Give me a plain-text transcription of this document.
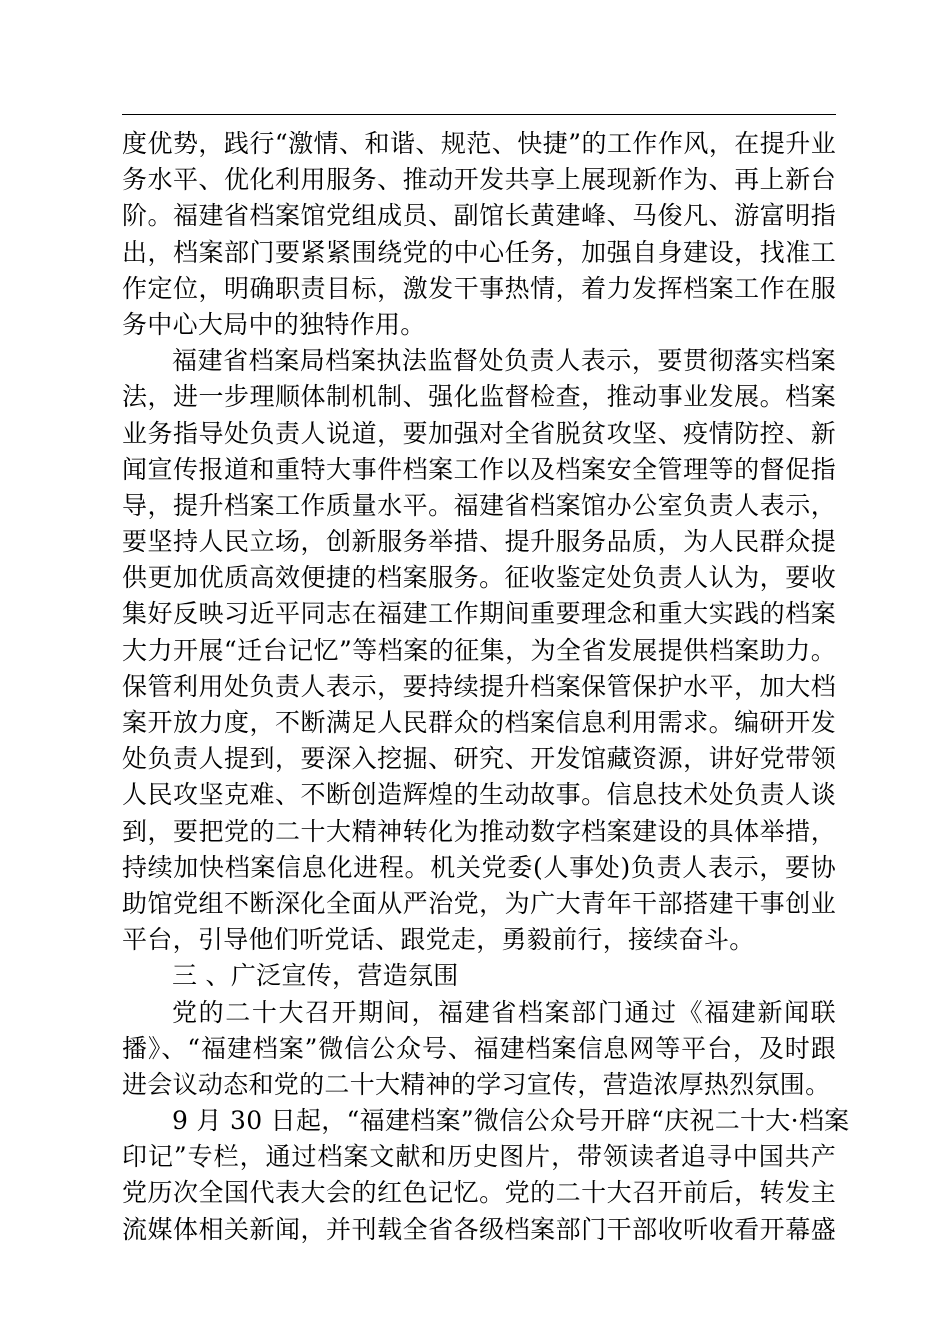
度优势，践行“激情、和谐、规范、快捷”的工作作风，在提升业
务水平、优化利用服务、推动开发共享上展现新作为、再上新台
阶。福建省档案馆党组成员、副馆长黄建峰、马俊凡、游富明指
出，档案部门要紧紧围绕党的中心任务，加强自身建设，找准工
作定位，明确职责目标，激发干事热情，着力发挥档案工作在服
务中心大局中的独特作用。
福建省档案局档案执法监督处负责人表示，要贯彻落实档案
法，进一步理顺体制机制、强化监督检查，推动事业发展。档案
业务指导处负责人说道，要加强对全省脱贫攻坚、疫情防控、新
闻宣传报道和重特大事件档案工作以及档案安全管理等的督促指
导，提升档案工作质量水平。福建省档案馆办公室负责人表示，
要坚持人民立场，创新服务举措、提升服务品质，为人民群众提
供更加优质高效便捷的档案服务。征收鉴定处负责人认为，要收
集好反映习近平同志在福建工作期间重要理念和重大实践的档案
大力开展“迁台记忆”等档案的征集，为全省发展提供档案助力。
保管利用处负责人表示，要持续提升档案保管保护水平，加大档
案开放力度，不断满足人民群众的档案信息利用需求。编研开发
处负责人提到，要深入挖掘、研究、开发馆藏资源，讲好党带领
人民攻坚克难、不断创造辉煌的生动故事。信息技术处负责人谈
到，要把党的二十大精神转化为推动数字档案建设的具体举措，
持续加快档案信息化进程。机关党委(人事处)负责人表示，要协
助馆党组不断深化全面从严治党，为广大青年干部搭建干事创业
平台，引导他们听党话、跟党走，勇毅前行，接续奋斗。
三 、广泛宣传，营造氛围
党的二十大召开期间，福建省档案部门通过《福建新闻联
播》、“福建档案”微信公众号、福建档案信息网等平台，及时跟
进会议动态和党的二十大精神的学习宣传，营造浓厚热烈氛围。
9 月 30 日起，“福建档案”微信公众号开辟“庆祝二十大·档案
印记”专栏，通过档案文献和历史图片，带领读者追寻中国共产
党历次全国代表大会的红色记忆。党的二十大召开前后，转发主
流媒体相关新闻，并刊载全省各级档案部门干部收听收看开幕盛
